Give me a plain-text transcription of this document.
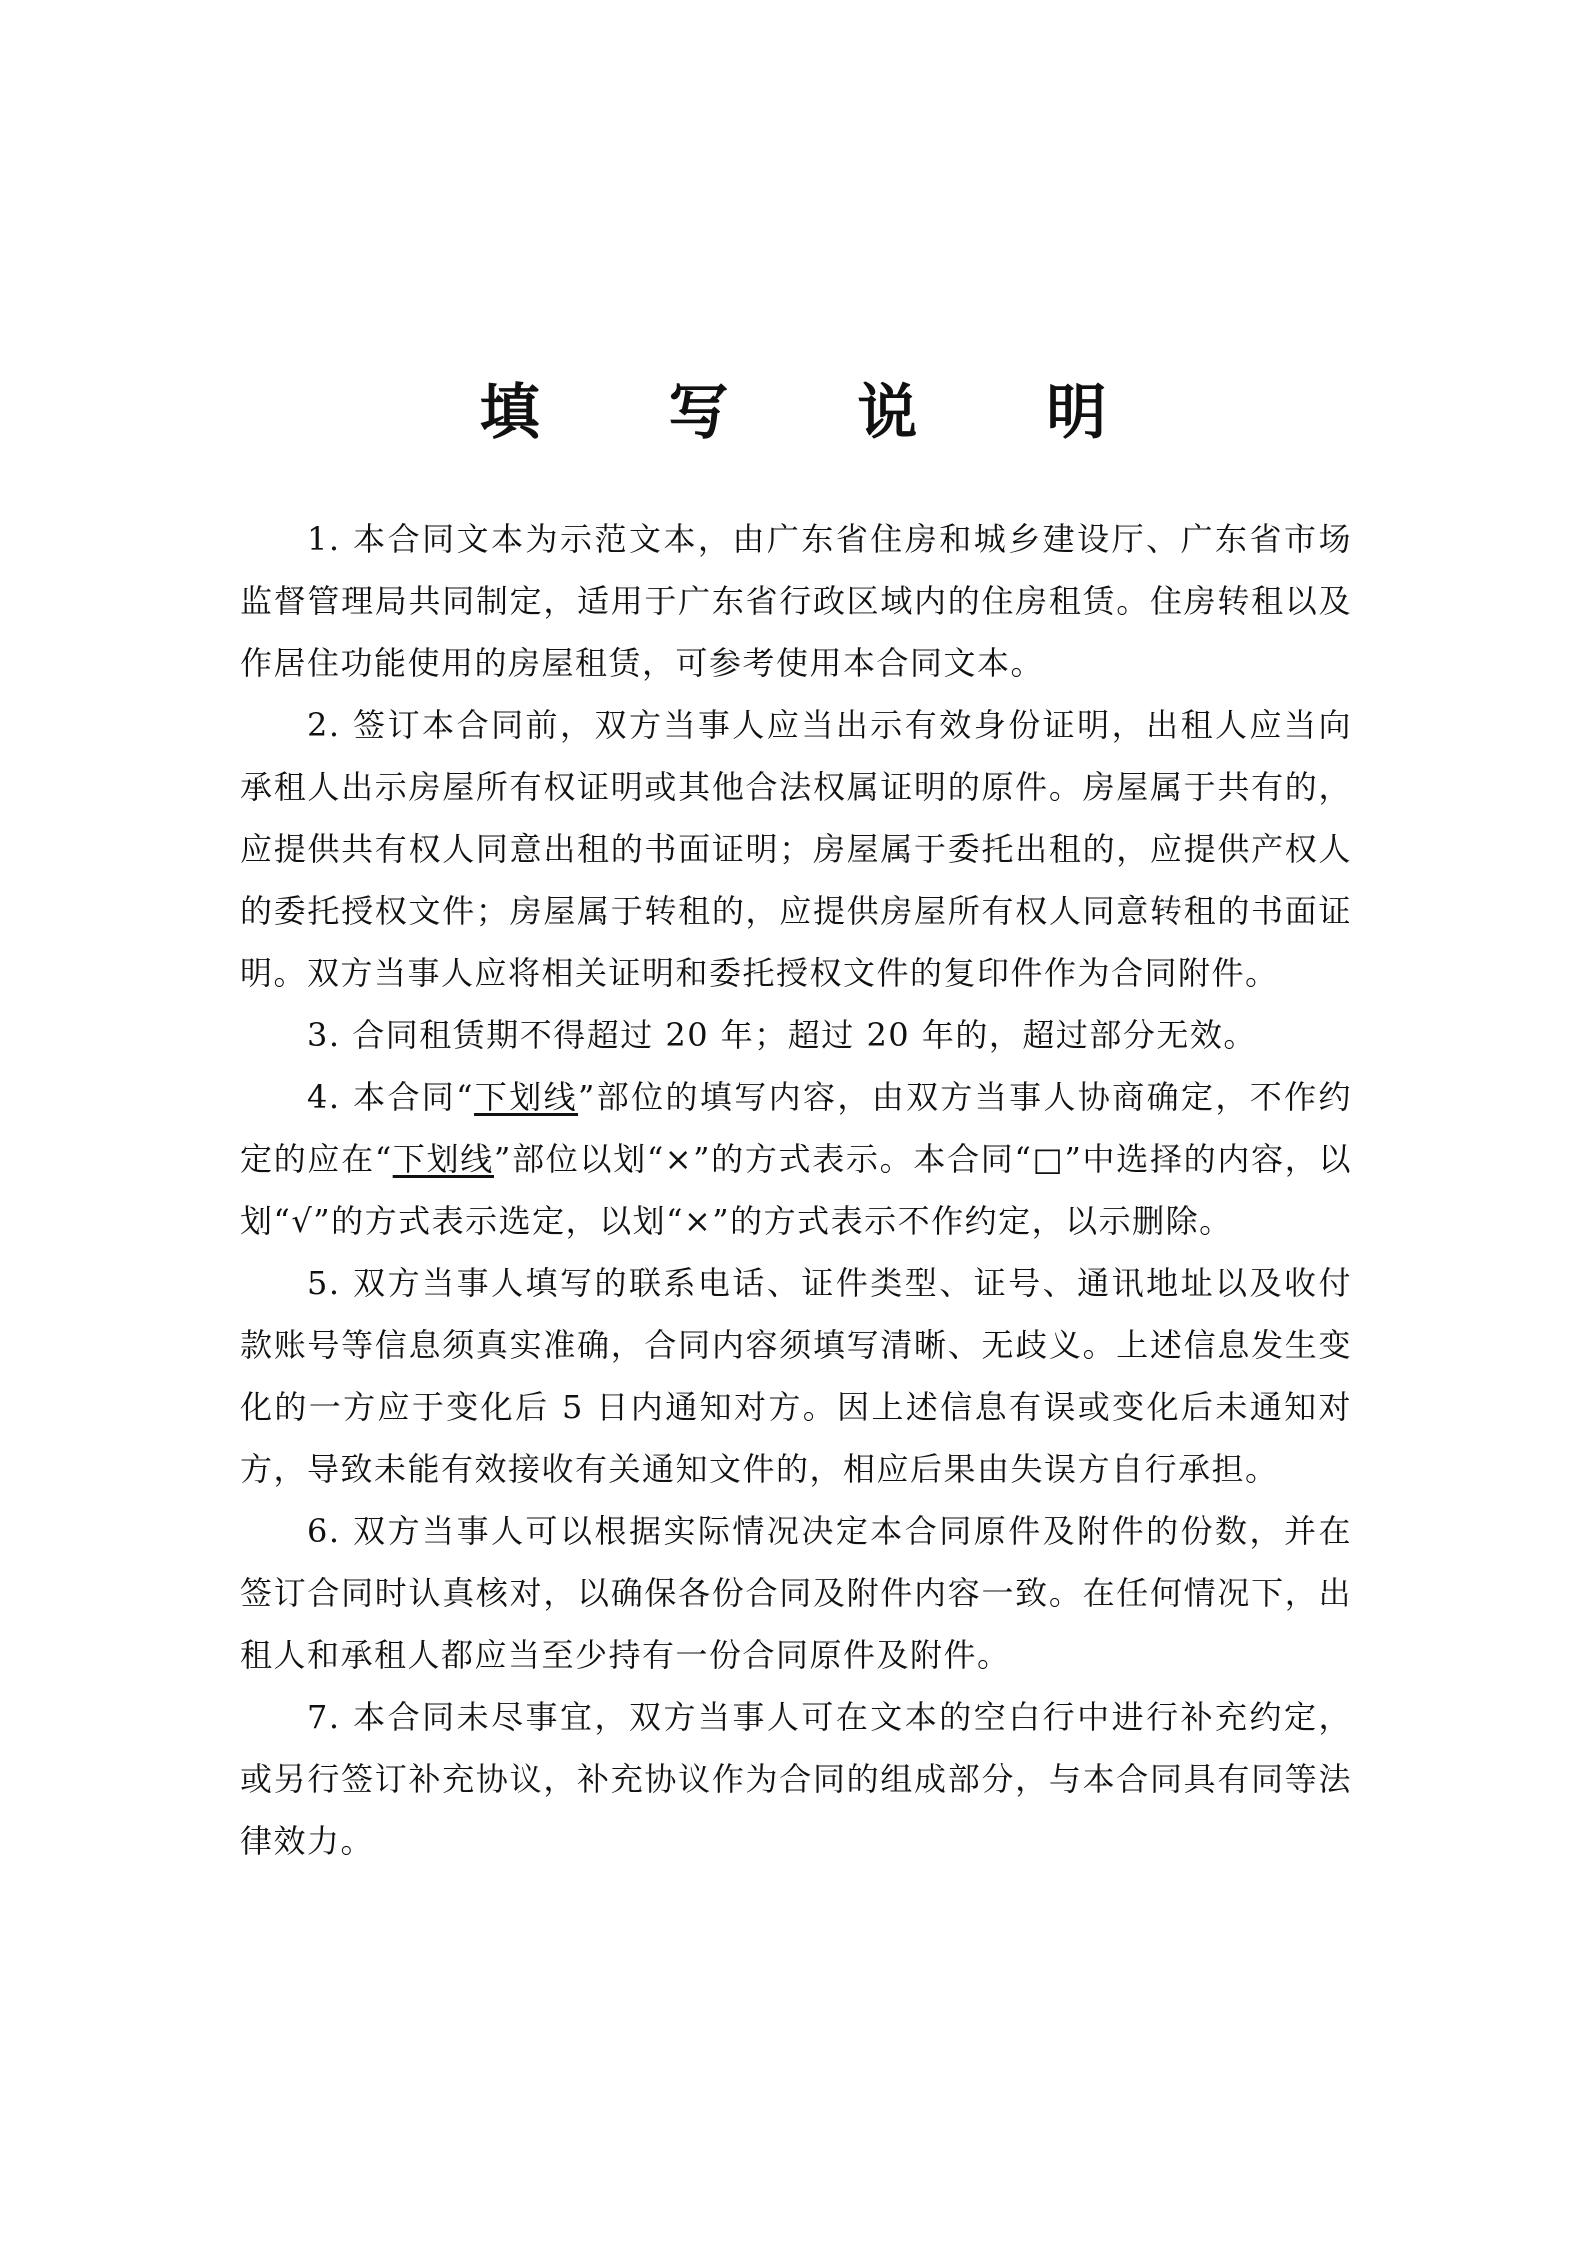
填 写 说 明

1. 本合同文本为示范文本，由广东省住房和城乡建设厅、广东省市场监督管理局共同制定，适用于广东省行政区域内的住房租赁。住房转租以及作居住功能使用的房屋租赁，可参考使用本合同文本。

2. 签订本合同前，双方当事人应当出示有效身份证明，出租人应当向承租人出示房屋所有权证明或其他合法权属证明的原件。房屋属于共有的，应提供共有权人同意出租的书面证明；房屋属于委托出租的，应提供产权人的委托授权文件；房屋属于转租的，应提供房屋所有权人同意转租的书面证明。双方当事人应将相关证明和委托授权文件的复印件作为合同附件。

3. 合同租赁期不得超过 20 年；超过 20 年的，超过部分无效。

4. 本合同“下划线”部位的填写内容，由双方当事人协商确定，不作约定的应在“下划线”部位以划“×”的方式表示。本合同“□”中选择的内容，以划“√”的方式表示选定，以划“×”的方式表示不作约定，以示删除。

5. 双方当事人填写的联系电话、证件类型、证号、通讯地址以及收付款账号等信息须真实准确，合同内容须填写清晰、无歧义。上述信息发生变化的一方应于变化后 5 日内通知对方。因上述信息有误或变化后未通知对方，导致未能有效接收有关通知文件的，相应后果由失误方自行承担。

6. 双方当事人可以根据实际情况决定本合同原件及附件的份数，并在签订合同时认真核对，以确保各份合同及附件内容一致。在任何情况下，出租人和承租人都应当至少持有一份合同原件及附件。

7. 本合同未尽事宜，双方当事人可在文本的空白行中进行补充约定，或另行签订补充协议，补充协议作为合同的组成部分，与本合同具有同等法律效力。
